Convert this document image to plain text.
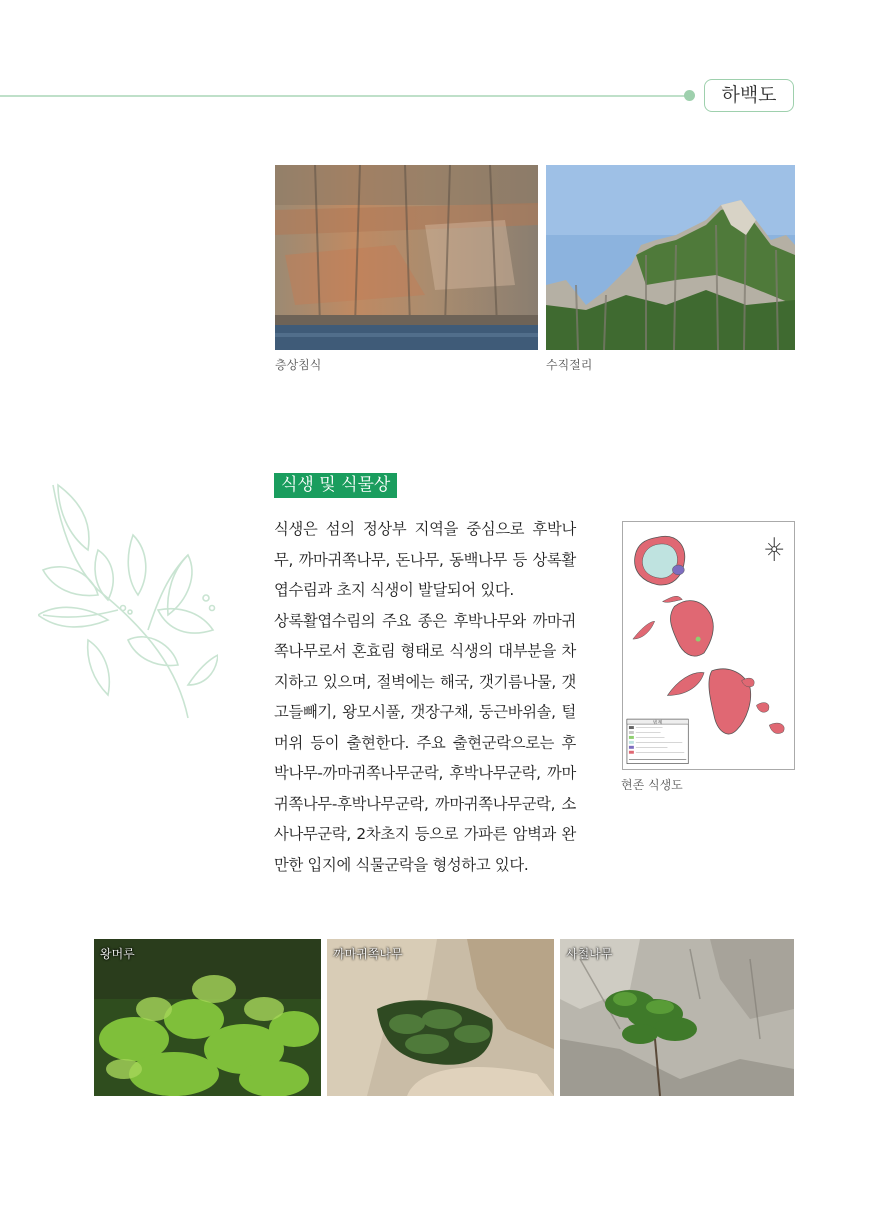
하백도
층상침식	수직절리
식생 및 식물상

식생은 섬의 정상부 지역을 중심으로 후박나무, 까마귀쪽나무, 돈나무, 동백나무 등 상록활엽수림과 초지 식생이 발달되어 있다.

상록활엽수림의 주요 종은 후박나무와 까마귀쪽나무로서 혼효림 형태로 식생의 대부분을 차지하고 있으며, 절벽에는 해국, 갯기름나물, 갯고들빼기, 왕모시풀, 갯장구채, 둥근바위솔, 털머위 등이 출현한다. 주요 출현군락으로는 후박나무-까마귀쪽나무군락, 후박나무군락, 까마귀쪽나무-후박나무군락, 까마귀쪽나무군락, 소사나무군락, 2차초지 등으로 가파른 암벽과 완만한 입지에 식물군락을 형성하고 있다.

범 례
현존 식생도
왕머루	까마귀쪽나무	사철나무
